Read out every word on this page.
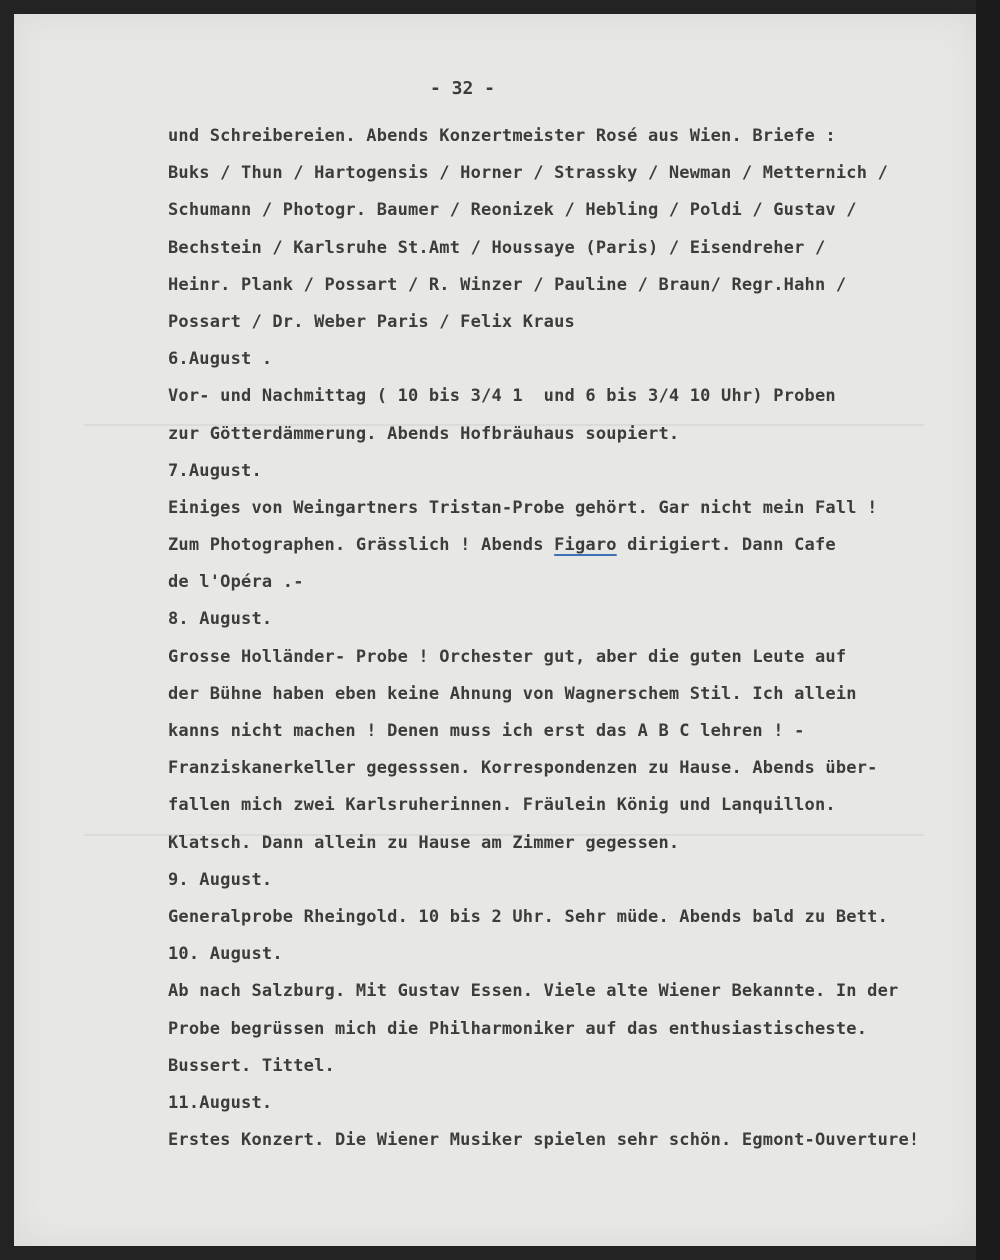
- 32 -
und Schreibereien. Abends Konzertmeister Rosé aus Wien. Briefe :
Buks / Thun / Hartogensis / Horner / Strassky / Newman / Metternich /
Schumann / Photogr. Baumer / Reonizek / Hebling / Poldi / Gustav /
Bechstein / Karlsruhe St.Amt / Houssaye (Paris) / Eisendreher /
Heinr. Plank / Possart / R. Winzer / Pauline / Braun/ Regr.Hahn /
Possart / Dr. Weber Paris / Felix Kraus
6.August .
Vor- und Nachmittag ( 10 bis 3/4 1  und 6 bis 3/4 10 Uhr) Proben
zur Götterdämmerung. Abends Hofbräuhaus soupiert.
7.August.
Einiges von Weingartners Tristan-Probe gehört. Gar nicht mein Fall !
Zum Photographen. Grässlich ! Abends Figaro dirigiert. Dann Cafe
de l'Opéra .-
8. August.
Grosse Holländer- Probe ! Orchester gut, aber die guten Leute auf
der Bühne haben eben keine Ahnung von Wagnerschem Stil. Ich allein
kanns nicht machen ! Denen muss ich erst das A B C lehren ! -
Franziskanerkeller gegesssen. Korrespondenzen zu Hause. Abends über-
fallen mich zwei Karlsruherinnen. Fräulein König und Lanquillon.
Klatsch. Dann allein zu Hause am Zimmer gegessen.
9. August.
Generalprobe Rheingold. 10 bis 2 Uhr. Sehr müde. Abends bald zu Bett.
10. August.
Ab nach Salzburg. Mit Gustav Essen. Viele alte Wiener Bekannte. In der
Probe begrüssen mich die Philharmoniker auf das enthusiastischeste.
Bussert. Tittel.
11.August.
Erstes Konzert. Die Wiener Musiker spielen sehr schön. Egmont-Ouverture!
